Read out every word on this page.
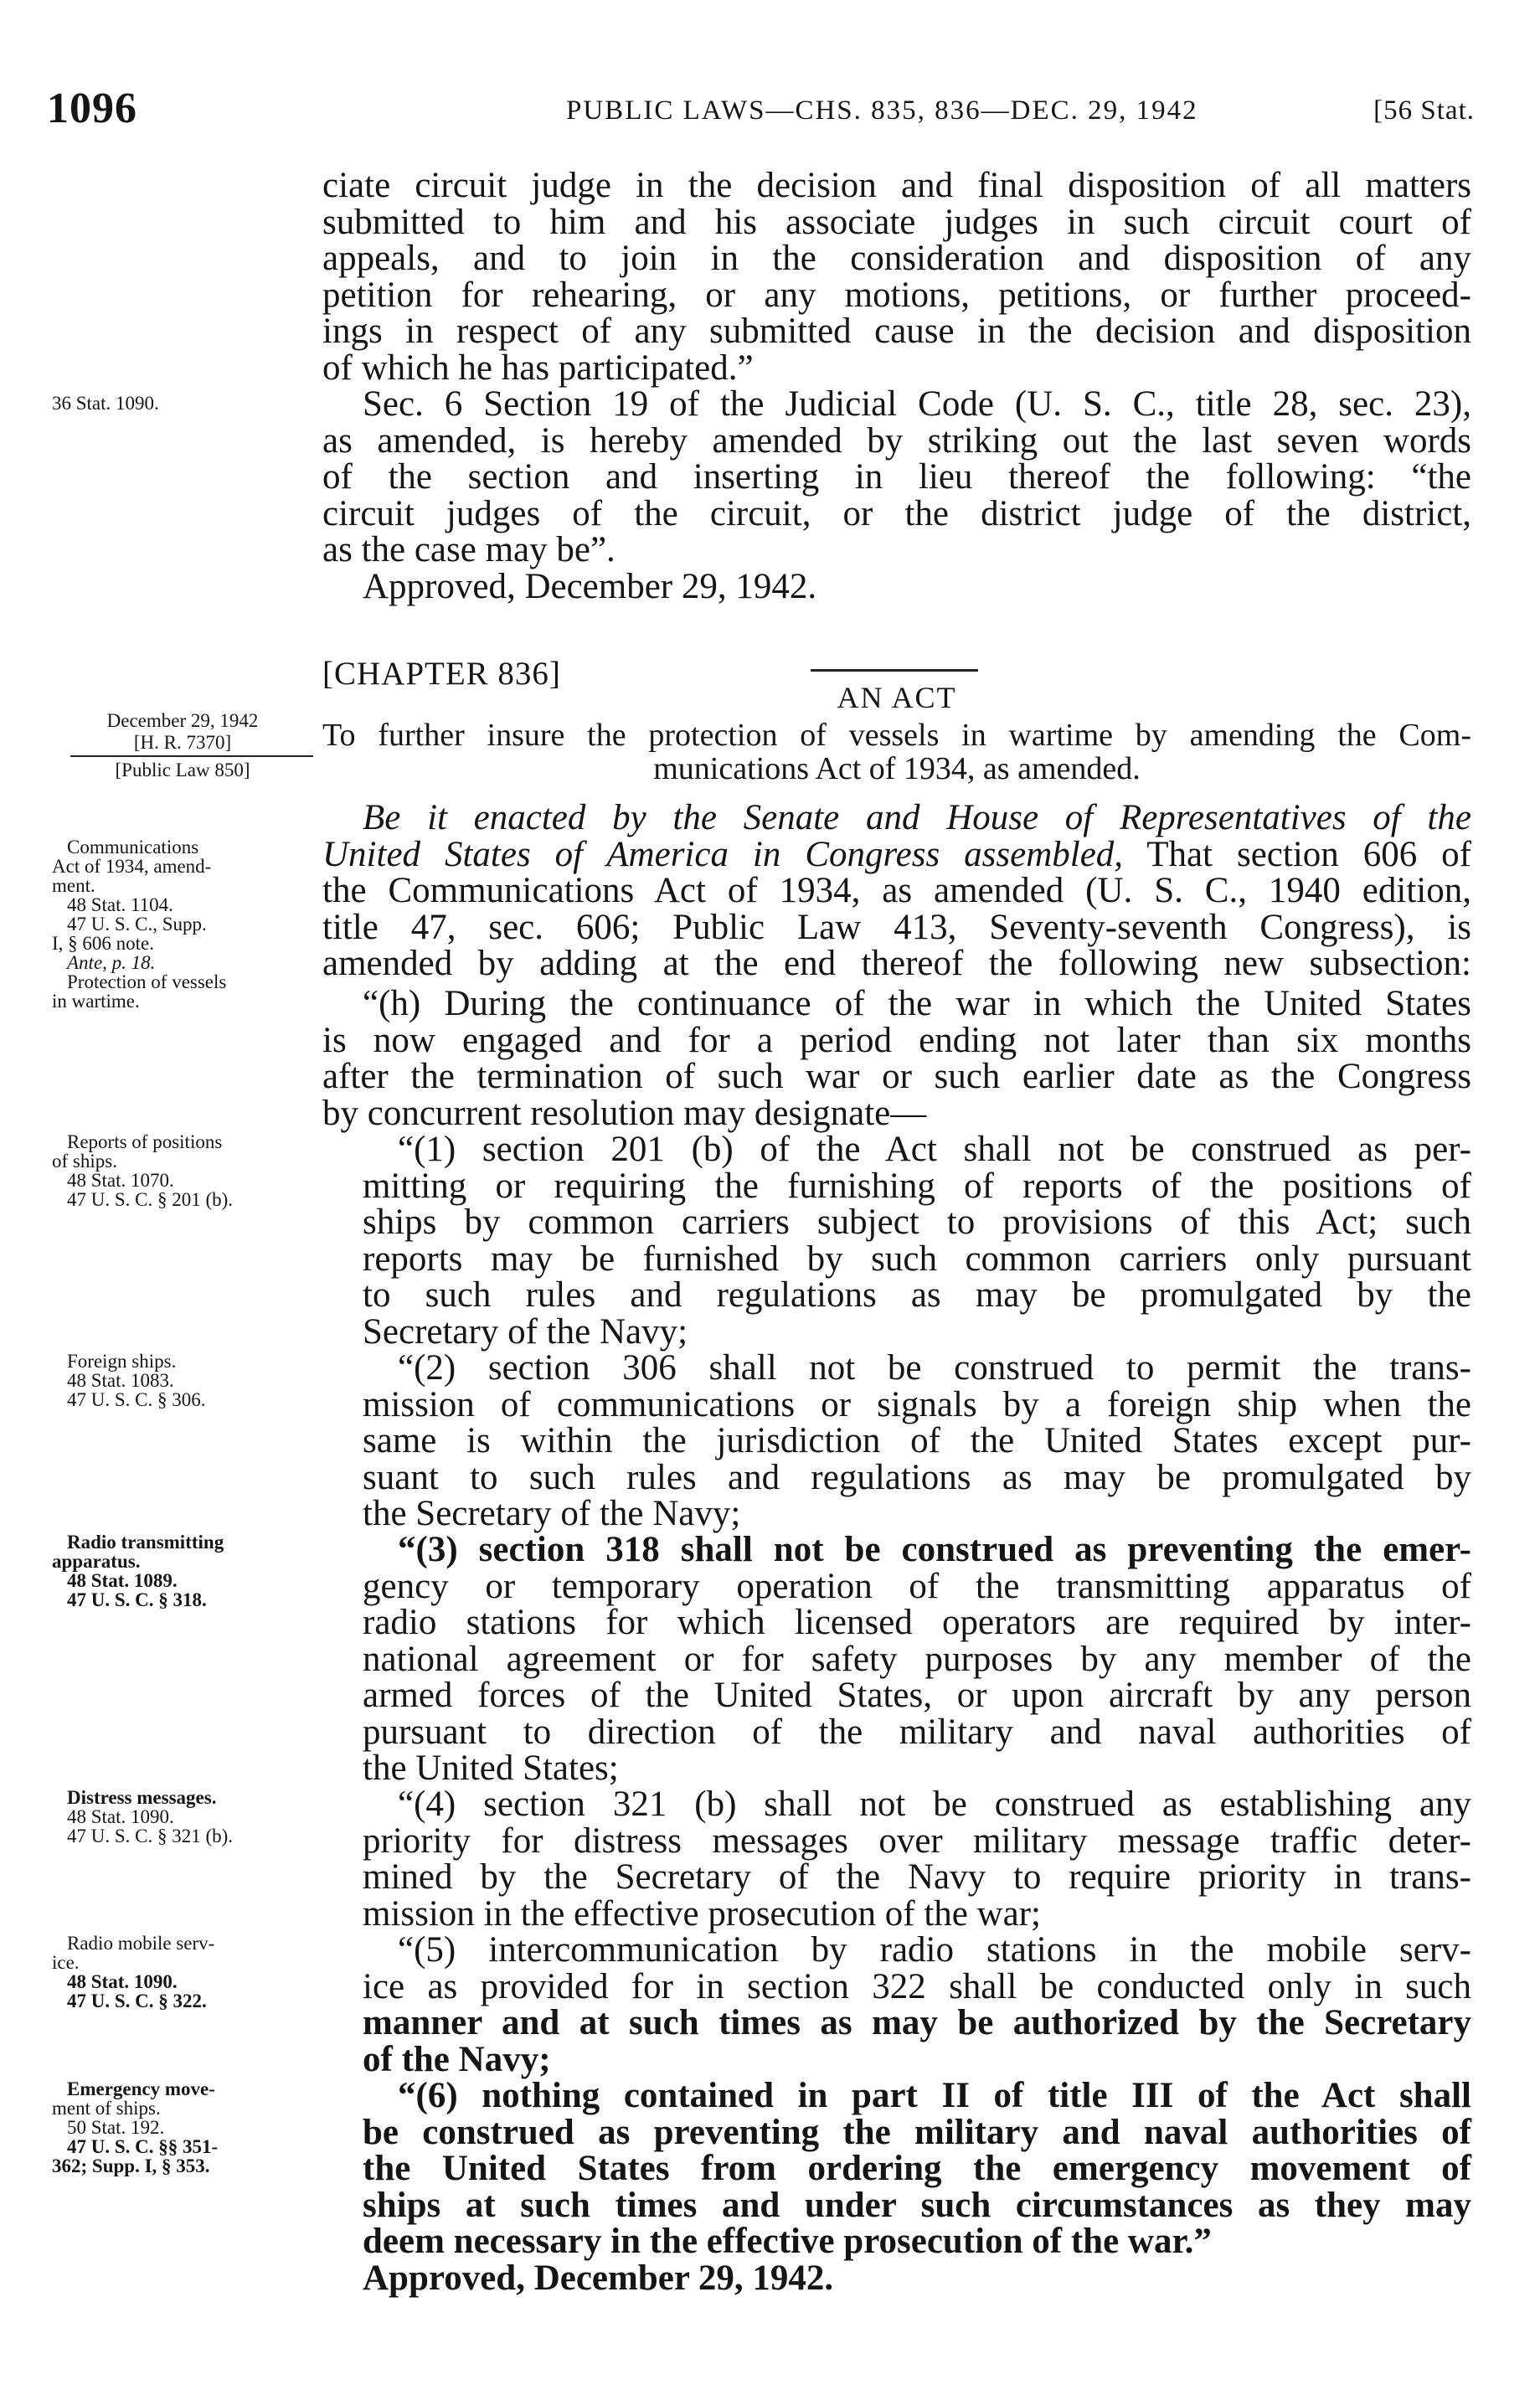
1096	PUBLIC LAWS—CHS. 835, 836—DEC. 29, 1942	[56 Stat.
ciate circuit judge in the decision and final disposition of all matters
submitted to him and his associate judges in such circuit court of
appeals, and to join in the consideration and disposition of any
petition for rehearing, or any motions, petitions, or further proceed-
ings in respect of any submitted cause in the decision and disposition
of which he has participated.”
36 Stat. 1090.	Sec. 6 Section 19 of the Judicial Code (U. S. C., title 28, sec. 23),
as amended, is hereby amended by striking out the last seven words
of the section and inserting in lieu thereof the following: “the
circuit judges of the circuit, or the district judge of the district,
as the case may be”.
Approved, December 29, 1942.
[CHAPTER 836]
AN ACT
To further insure the protection of vessels in wartime by amending the Com-
munications Act of 1934, as amended.
December 29, 1942
[H. R. 7370]
[Public Law 850]
Be it enacted by the Senate and House of Representatives of the
United States of America in Congress assembled, That section 606 of
the Communications Act of 1934, as amended (U. S. C., 1940 edition,
title 47, sec. 606; Public Law 413, Seventy-seventh Congress), is
amended by adding at the end thereof the following new subsection:
Communications
Act of 1934, amend-
ment.
48 Stat. 1104.
47 U. S. C., Supp.
I, § 606 note.
Ante, p. 18.
Protection of vessels
in wartime.	“(h) During the continuance of the war in which the United States
is now engaged and for a period ending not later than six months
after the termination of such war or such earlier date as the Congress
by concurrent resolution may designate—
“(1) section 201 (b) of the Act shall not be construed as per-
mitting or requiring the furnishing of reports of the positions of
ships by common carriers subject to provisions of this Act; such
reports may be furnished by such common carriers only pursuant
to such rules and regulations as may be promulgated by the
Secretary of the Navy;
Reports of positions
of ships.
48 Stat. 1070.
47 U. S. C. § 201 (b).
“(2) section 306 shall not be construed to permit the trans-
mission of communications or signals by a foreign ship when the
same is within the jurisdiction of the United States except pur-
suant to such rules and regulations as may be promulgated by
the Secretary of the Navy;
Foreign ships.
48 Stat. 1083.
47 U. S. C. § 306.
“(3) section 318 shall not be construed as preventing the emer-
gency or temporary operation of the transmitting apparatus of
radio stations for which licensed operators are required by inter-
national agreement or for safety purposes by any member of the
armed forces of the United States, or upon aircraft by any person
pursuant to direction of the military and naval authorities of
the United States;
Radio transmitting
apparatus.
48 Stat. 1089.
47 U. S. C. § 318.
“(4) section 321 (b) shall not be construed as establishing any
priority for distress messages over military message traffic deter-
mined by the Secretary of the Navy to require priority in trans-
mission in the effective prosecution of the war;
Distress messages.
48 Stat. 1090.
47 U. S. C. § 321 (b).
“(5) intercommunication by radio stations in the mobile serv-
ice as provided for in section 322 shall be conducted only in such
manner and at such times as may be authorized by the Secretary
of the Navy;
Radio mobile serv-
ice.
48 Stat. 1090.
47 U. S. C. § 322.
“(6) nothing contained in part II of title III of the Act shall
be construed as preventing the military and naval authorities of
the United States from ordering the emergency movement of
ships at such times and under such circumstances as they may
deem necessary in the effective prosecution of the war.”
Approved, December 29, 1942.
Emergency move-
ment of ships.
50 Stat. 192.
47 U. S. C. §§ 351-
362; Supp. I, § 353.
